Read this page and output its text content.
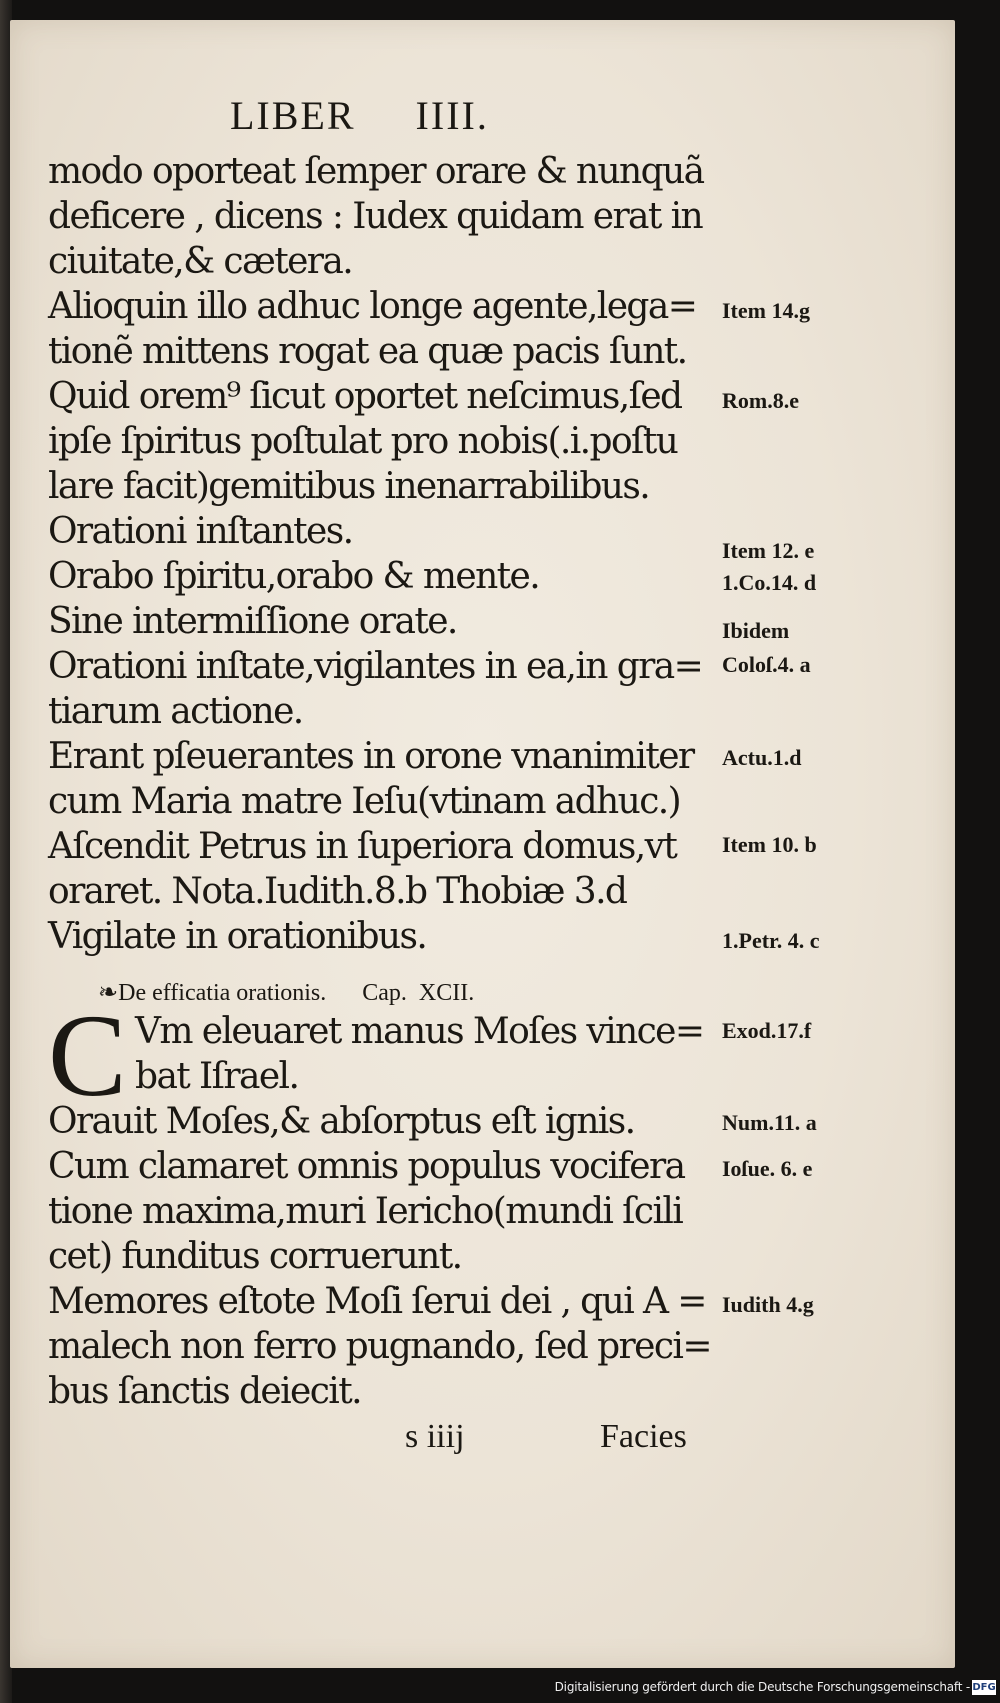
LIBER     IIII.
modo oporteat ſemper orare & nunquã
deficere , dicens : Iudex quidam erat in
ciuitate,& cætera.
Alioquin illo adhuc longe agente,lega=
tionẽ mittens rogat ea quæ pacis ſunt.
Quid orem⁹ ſicut oportet neſcimus,ſed
ipſe ſpiritus poſtulat pro nobis(.i.poſtu
lare facit)gemitibus inenarrabilibus.
Orationi inſtantes.
Orabo ſpiritu,orabo & mente.
Sine intermiſſione orate.
Orationi inſtate,vigilantes in ea,in gra=
tiarum actione.
Erant pſeuerantes in orone vnanimiter
cum Maria matre Ieſu(vtinam adhuc.)
Aſcendit Petrus in ſuperiora domus,vt
oraret. Nota.Iudith.8.b Thobiæ 3.d
Vigilate in orationibus.
❧De efficatia orationis.      Cap.  XCII.
C Vm eleuaret manus Moſes vince=
bat Iſrael.
Orauit Moſes,& abſorptus eſt ignis.
Cum clamaret omnis populus vocifera
tione maxima,muri Iericho(mundi ſcili
cet) funditus corruerunt.
Memores eſtote Moſi ſerui dei , qui A =
malech non ferro pugnando, ſed preci=
bus ſanctis deiecit.
Item 14.g
Rom.8.e
Item 12. e
1.Co.14. d
Ibidem
Coloſ.4. a
Actu.1.d
Item 10. b
1.Petr. 4. c
Exod.17.f
Num.11. a
Ioſue. 6. e
Iudith 4.g
s iiij	Facies
Digitalisierung gefördert durch die Deutsche Forschungsgemeinschaft - DFG
